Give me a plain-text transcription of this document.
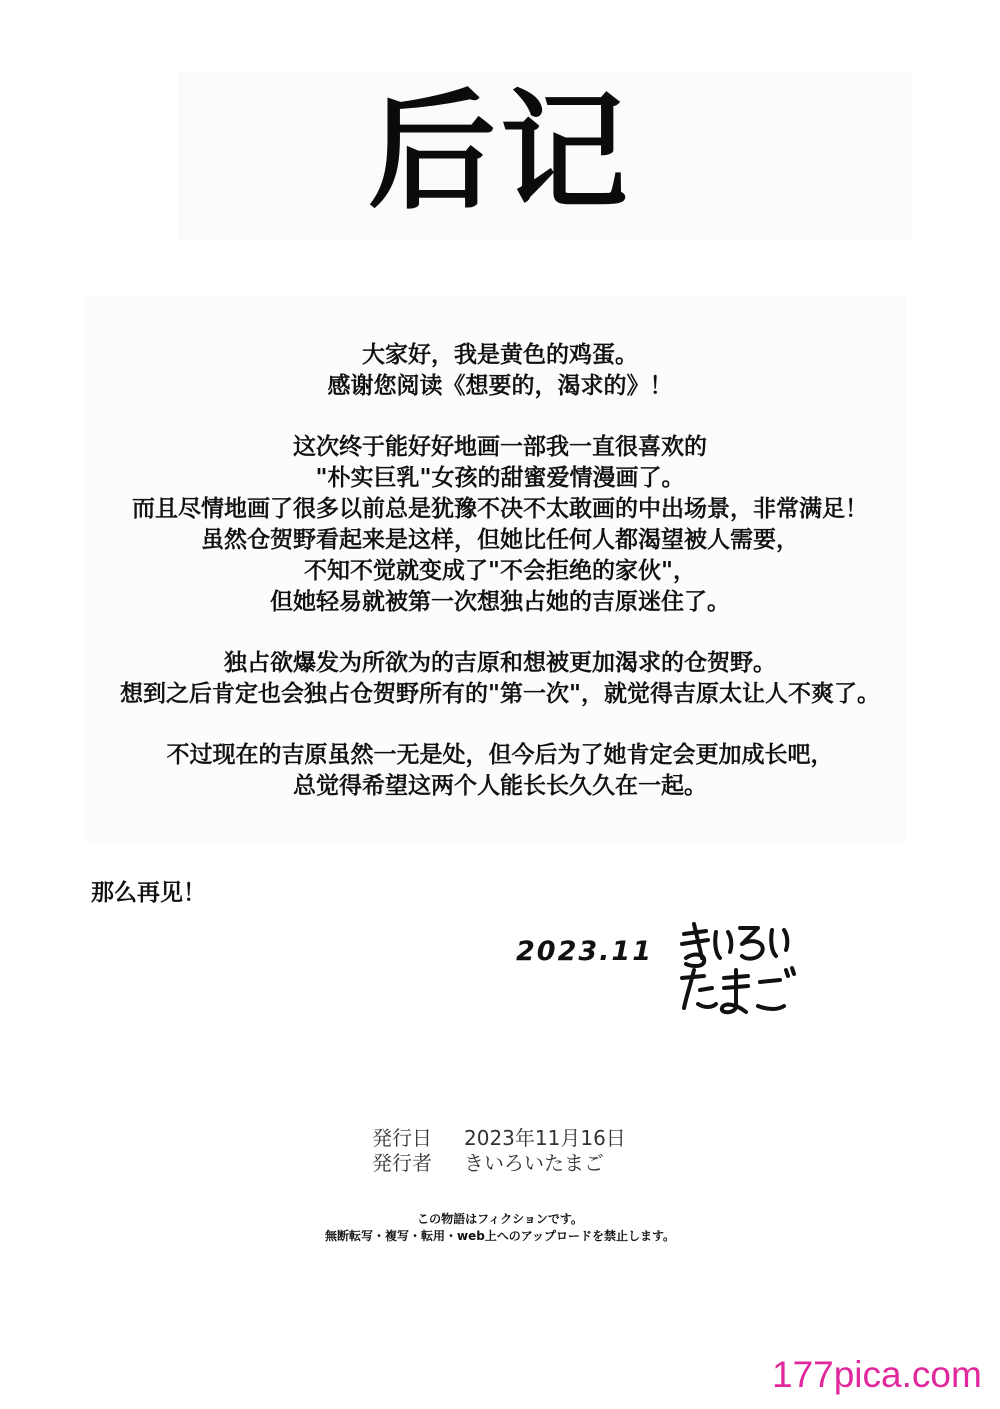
后记
大家好，我是黄色的鸡蛋。
感谢您阅读《想要的，渴求的》！
这次终于能好好地画一部我一直很喜欢的
"朴实巨乳"女孩的甜蜜爱情漫画了。
而且尽情地画了很多以前总是犹豫不决不太敢画的中出场景，非常满足！
虽然仓贺野看起来是这样，但她比任何人都渴望被人需要，
不知不觉就变成了"不会拒绝的家伙"，
但她轻易就被第一次想独占她的吉原迷住了。
独占欲爆发为所欲为的吉原和想被更加渴求的仓贺野。
想到之后肯定也会独占仓贺野所有的"第一次"，就觉得吉原太让人不爽了。
不过现在的吉原虽然一无是处，但今后为了她肯定会更加成长吧，
总觉得希望这两个人能长长久久在一起。
那么再见！
2023.11
発行日 2023年11月16日
発行者 きいろいたまご
この物語はフィクションです。
無断転写・複写・転用・web上へのアップロードを禁止します。
177pica.com
